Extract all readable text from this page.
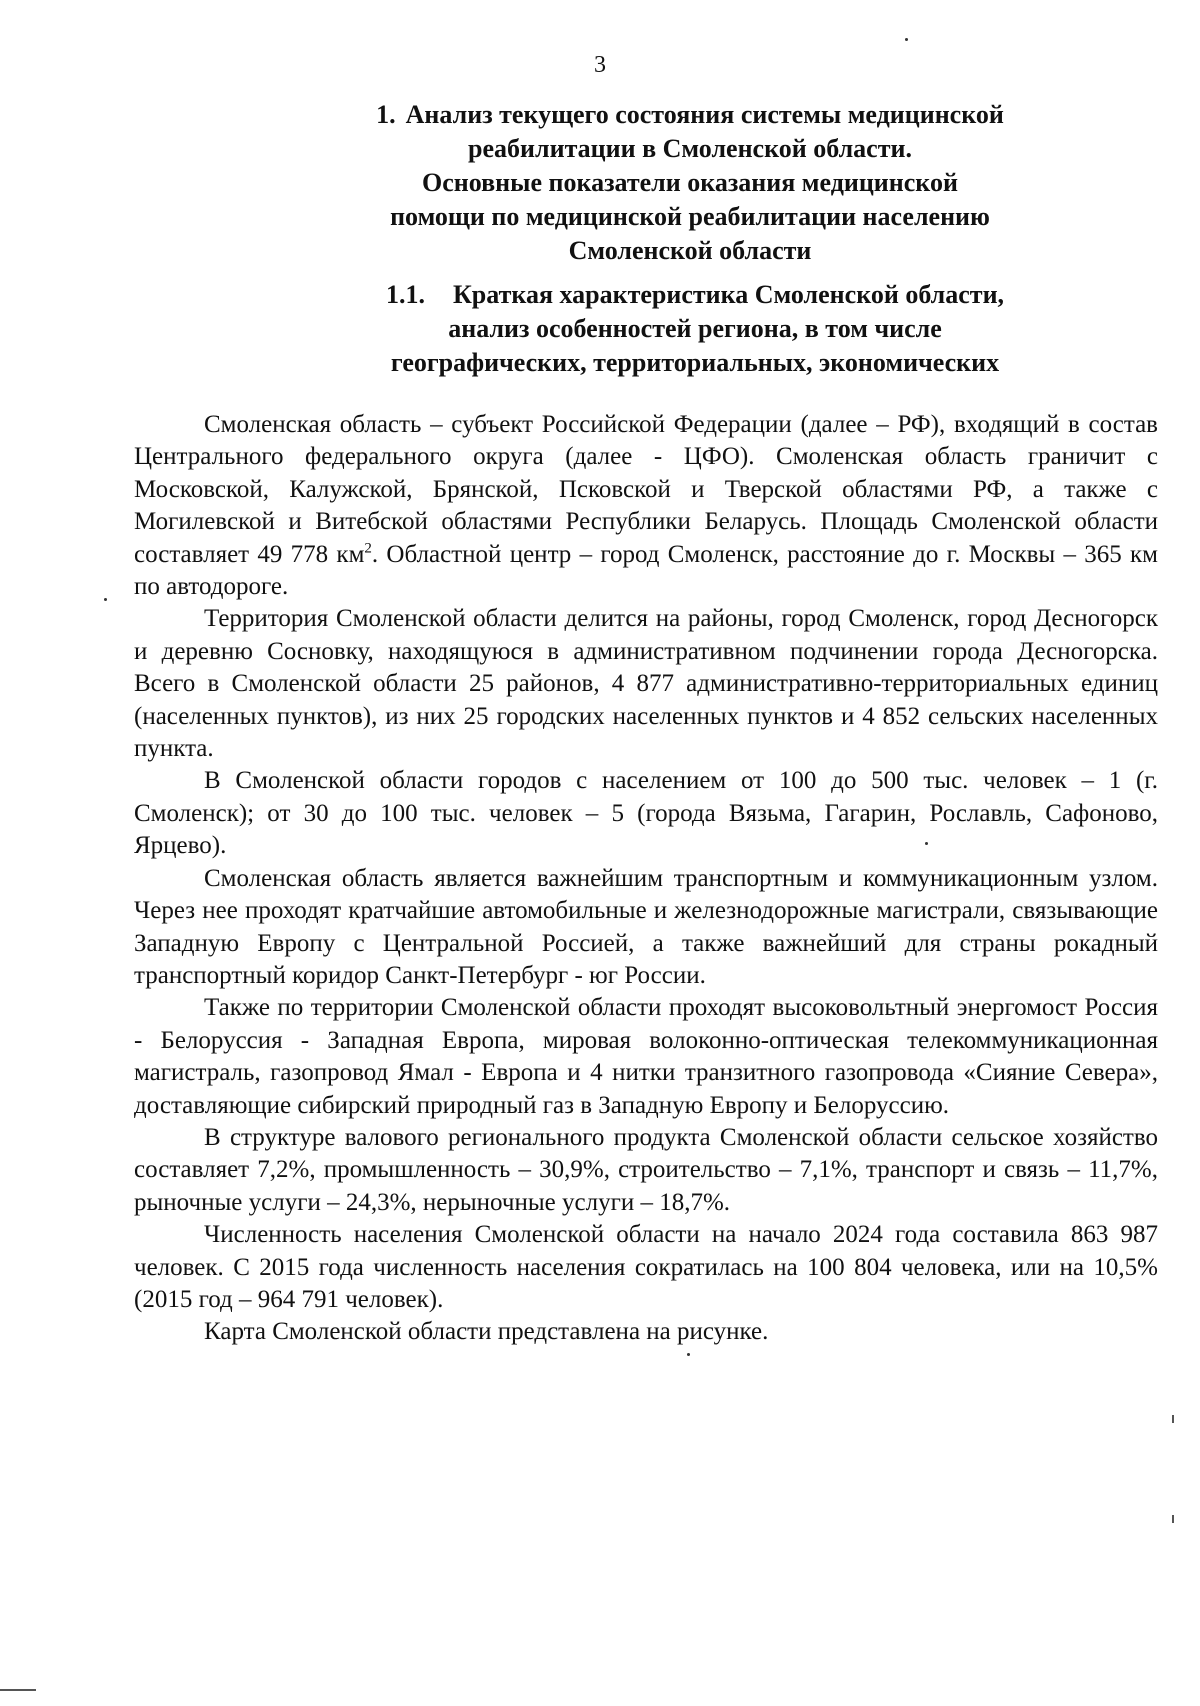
3
1. Анализ текущего состояния системы медицинской
реабилитации в Смоленской области.
Основные показатели оказания медицинской
помощи по медицинской реабилитации населению
Смоленской области
1.1. Краткая характеристика Смоленской области,
анализ особенностей региона, в том числе
географических, территориальных, экономических

Смоленская область – субъект Российской Федерации (далее – РФ), входящий в состав Центрального федерального округа (далее - ЦФО). Смоленская область граничит с Московской, Калужской, Брянской, Псковской и Тверской областями РФ, а также с Могилевской и Витебской областями Республики Беларусь. Площадь Смоленской области составляет 49 778 $км^2$. Областной центр – город Смоленск, расстояние до г. Москвы – 365 км по автодороге.

Территория Смоленской области делится на районы, город Смоленск, город Десногорск и деревню Сосновку, находящуюся в административном подчинении города Десногорска. Всего в Смоленской области 25 районов, 4 877 административно-территориальных единиц (населенных пунктов), из них 25 городских населенных пунктов и 4 852 сельских населенных пункта.

В Смоленской области городов с населением от 100 до 500 тыс. человек – 1 (г. Смоленск); от 30 до 100 тыс. человек – 5 (города Вязьма, Гагарин, Рославль, Сафоново, Ярцево).

Смоленская область является важнейшим транспортным и коммуникационным узлом. Через нее проходят кратчайшие автомобильные и железнодорожные магистрали, связывающие Западную Европу с Центральной Россией, а также важнейший для страны рокадный транспортный коридор Санкт-Петербург - юг России.

Также по территории Смоленской области проходят высоковольтный энергомост Россия - Белоруссия - Западная Европа, мировая волоконно-оптическая телекоммуникационная магистраль, газопровод Ямал - Европа и 4 нитки транзитного газопровода «Сияние Севера», доставляющие сибирский природный газ в Западную Европу и Белоруссию.

В структуре валового регионального продукта Смоленской области сельское хозяйство составляет 7,2%, промышленность – 30,9%, строительство – 7,1%, транспорт и связь – 11,7%, рыночные услуги – 24,3%, нерыночные услуги – 18,7%.

Численность населения Смоленской области на начало 2024 года составила 863 987 человек. С 2015 года численность населения сократилась на 100 804 человека, или на 10,5% (2015 год – 964 791 человек).

Карта Смоленской области представлена на рисунке.
